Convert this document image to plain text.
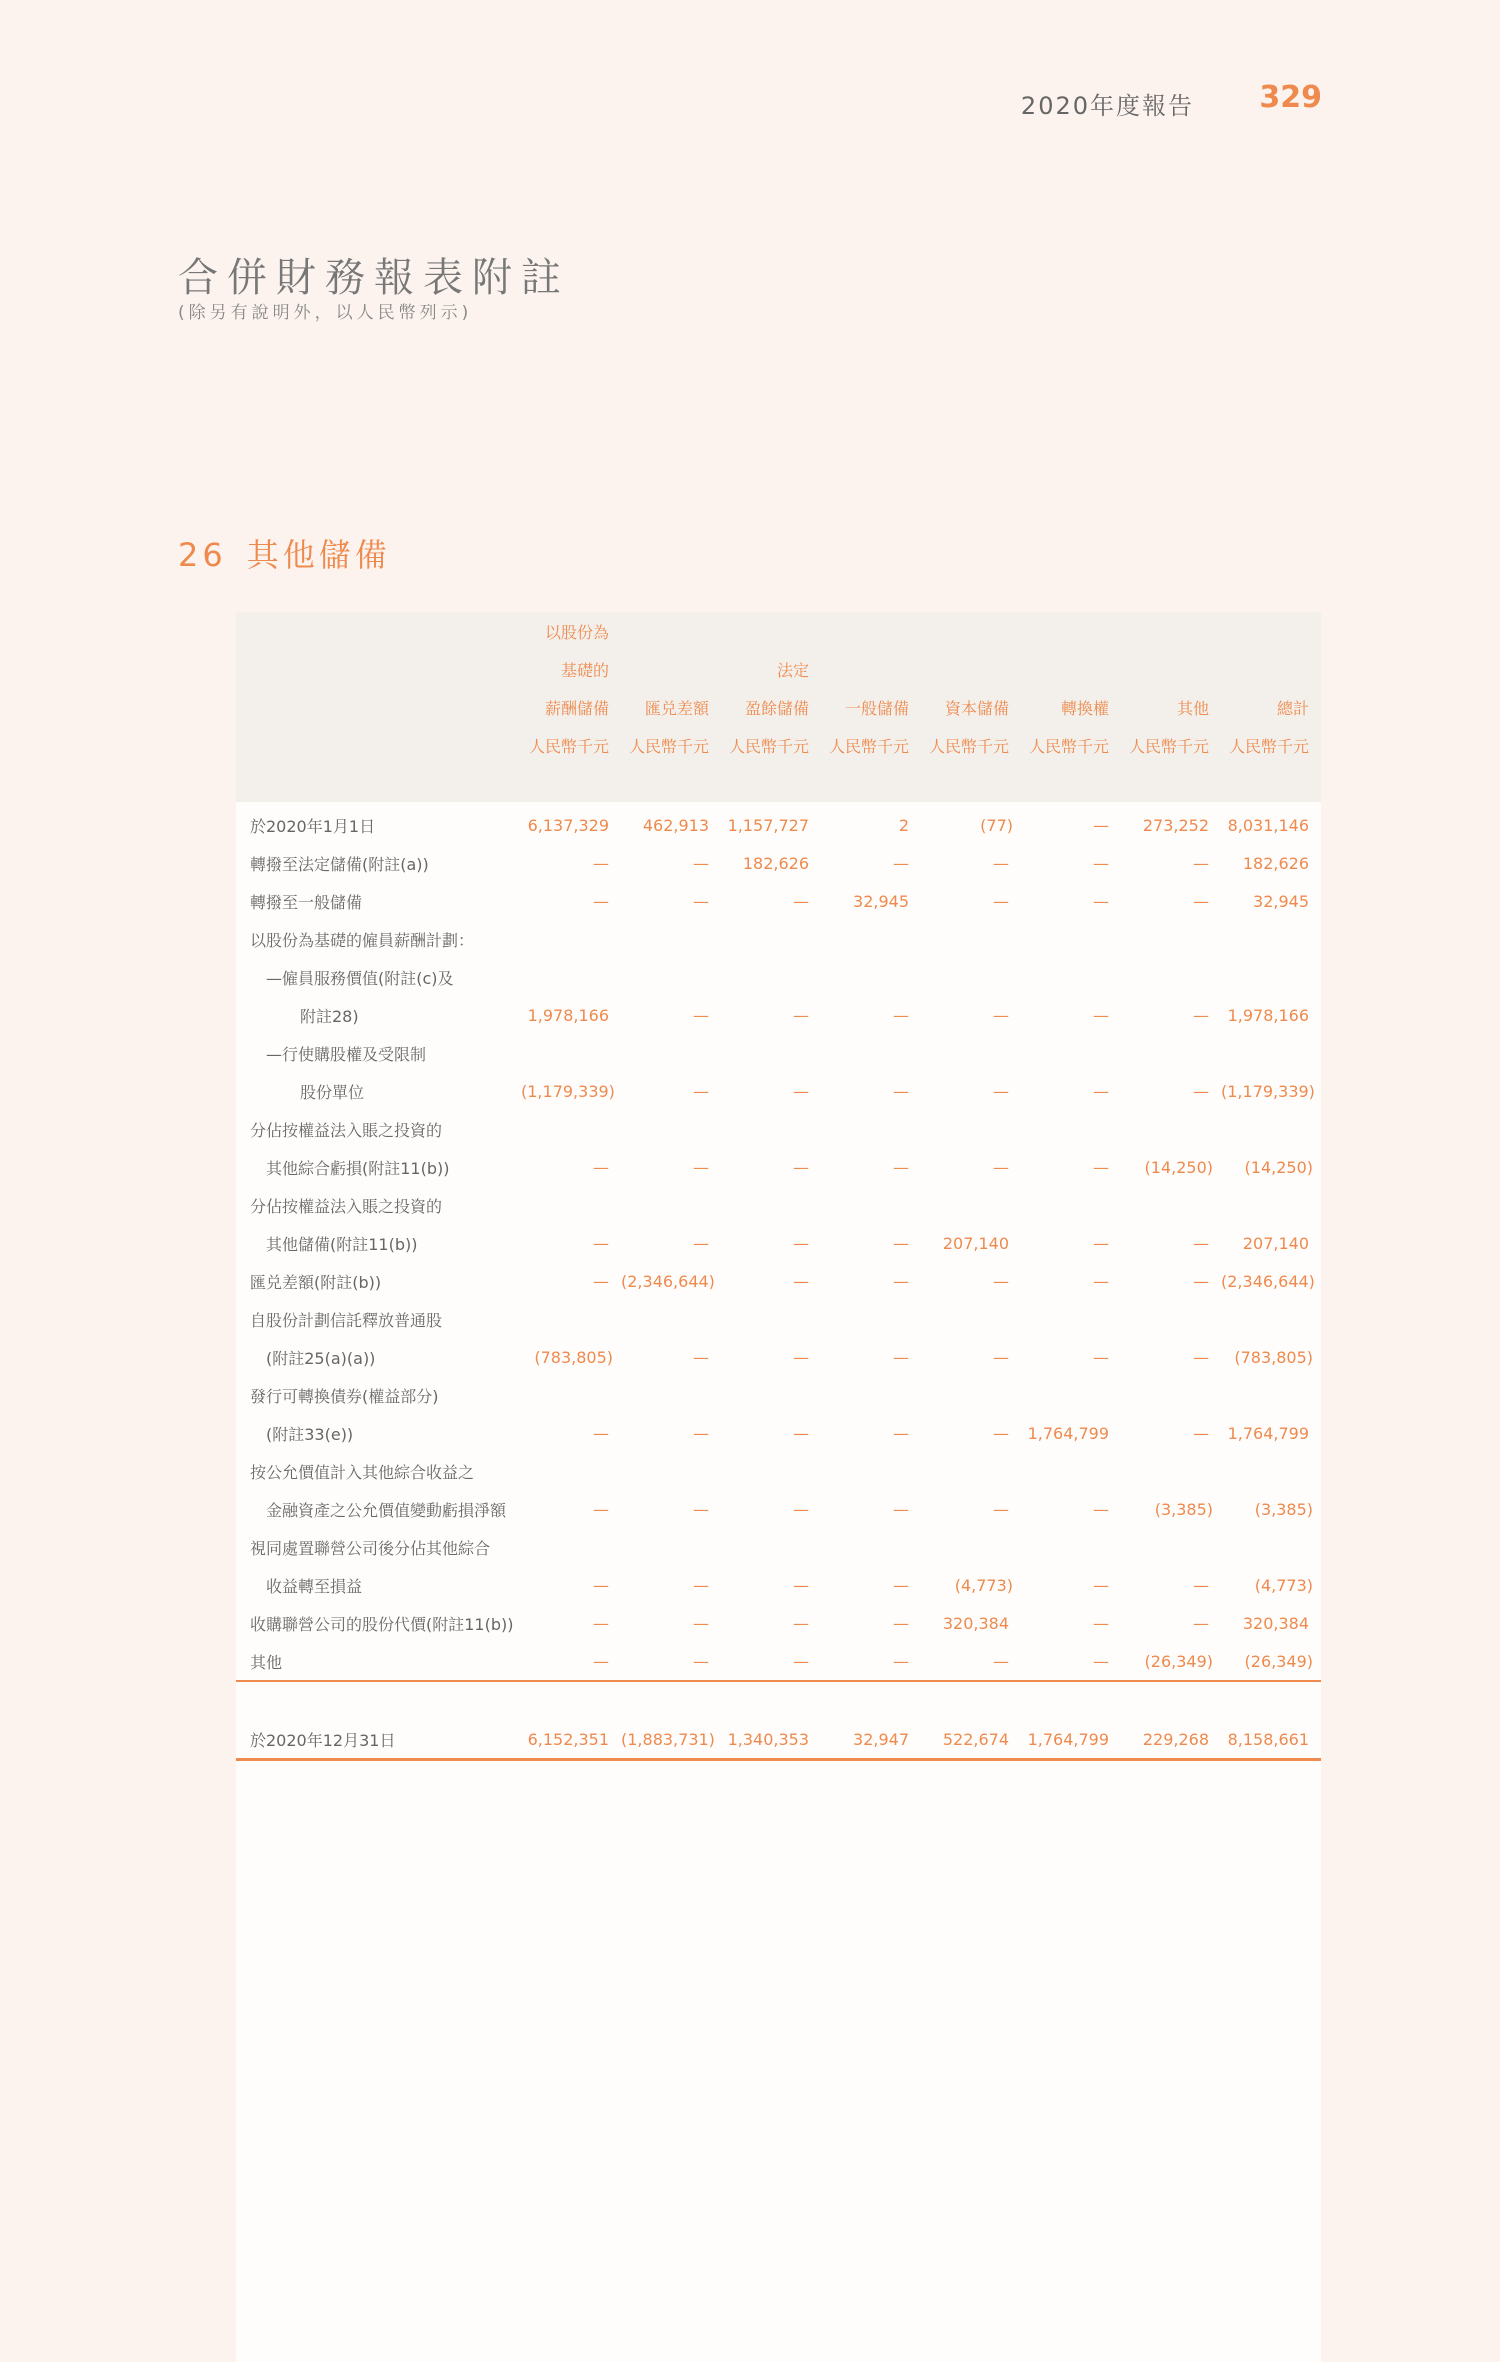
2020年度報告 329
合併財務報表附註
(除另有說明外，以人民幣列示)
26 其他儲備
	以股份為							
	基礎的		法定					
	薪酬儲備	匯兑差額	盈餘儲備	一般儲備	資本儲備	轉換權	其他	總計
	人民幣千元	人民幣千元	人民幣千元	人民幣千元	人民幣千元	人民幣千元	人民幣千元	人民幣千元

於2020年1月1日	6,137,329	462,913	1,157,727	2	(77)	—	273,252	8,031,146
轉撥至法定儲備(附註(a))	—	—	182,626	—	—	—	—	182,626
轉撥至一般儲備	—	—	—	32,945	—	—	—	32,945
以股份為基礎的僱員薪酬計劃：								
—僱員服務價值(附註(c)及								
附註28)	1,978,166	—	—	—	—	—	—	1,978,166
—行使購股權及受限制								
股份單位	(1,179,339)	—	—	—	—	—	—	(1,179,339)
分佔按權益法入賬之投資的								
其他綜合虧損(附註11(b))	—	—	—	—	—	—	(14,250)	(14,250)
分佔按權益法入賬之投資的								
其他儲備(附註11(b))	—	—	—	—	207,140	—	—	207,140
匯兑差額(附註(b))	—	(2,346,644)	—	—	—	—	—	(2,346,644)
自股份計劃信託釋放普通股								
(附註25(a)(a))	(783,805)	—	—	—	—	—	—	(783,805)
發行可轉換債券(權益部分)								
(附註33(e))	—	—	—	—	—	1,764,799	—	1,764,799
按公允價值計入其他綜合收益之								
金融資產之公允價值變動虧損淨額	—	—	—	—	—	—	(3,385)	(3,385)
視同處置聯營公司後分佔其他綜合								
收益轉至損益	—	—	—	—	(4,773)	—	—	(4,773)
收購聯營公司的股份代價(附註11(b))	—	—	—	—	320,384	—	—	320,384
其他	—	—	—	—	—	—	(26,349)	(26,349)

於2020年12月31日	6,152,351	(1,883,731)	1,340,353	32,947	522,674	1,764,799	229,268	8,158,661
